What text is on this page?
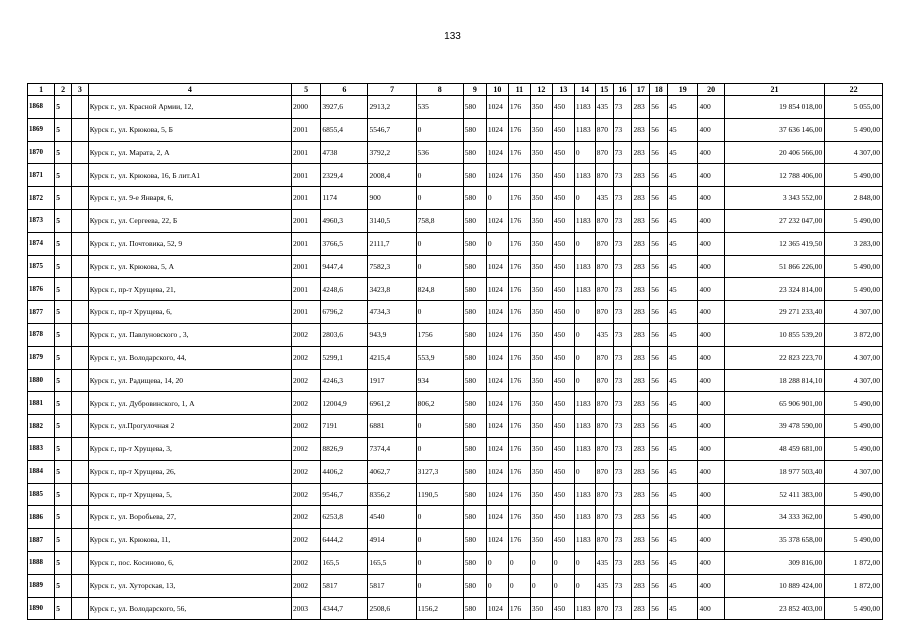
133
1	2	3	4	5	6	7	8	9	10	11	12	13	14	15	16	17	18	19	20	21	22
1868	5		Курск г., ул. Красной Армии, 12,	2000	3927,6	2913,2	535	580	1024	176	350	450	1183	435	73	283	56	45	400	19 854 018,00	5 055,00
1869	5		Курск г., ул. Крюкова, 5, Б	2001	6855,4	5546,7	0	580	1024	176	350	450	1183	870	73	283	56	45	400	37 636 146,00	5 490,00
1870	5		Курск г., ул. Марата, 2, А	2001	4738	3792,2	536	580	1024	176	350	450	0	870	73	283	56	45	400	20 406 566,00	4 307,00
1871	5		Курск г., ул. Крюкова, 16, Б лит.А1	2001	2329,4	2008,4	0	580	1024	176	350	450	1183	870	73	283	56	45	400	12 788 406,00	5 490,00
1872	5		Курск г., ул. 9-е Января, 6,	2001	1174	900	0	580	0	176	350	450	0	435	73	283	56	45	400	3 343 552,00	2 848,00
1873	5		Курск г., ул. Сергеева, 22, Б	2001	4960,3	3140,5	758,8	580	1024	176	350	450	1183	870	73	283	56	45	400	27 232 047,00	5 490,00
1874	5		Курск г., ул. Почтовика, 52, 9	2001	3766,5	2111,7	0	580	0	176	350	450	0	870	73	283	56	45	400	12 365 419,50	3 283,00
1875	5		Курск г., ул. Крюкова, 5, А	2001	9447,4	7582,3	0	580	1024	176	350	450	1183	870	73	283	56	45	400	51 866 226,00	5 490,00
1876	5		Курск г., пр-т Хрущева, 21,	2001	4248,6	3423,8	824,8	580	1024	176	350	450	1183	870	73	283	56	45	400	23 324 814,00	5 490,00
1877	5		Курск г., пр-т Хрущева, 6,	2001	6796,2	4734,3	0	580	1024	176	350	450	0	870	73	283	56	45	400	29 271 233,40	4 307,00
1878	5		Курск г., ул. Павлуновского , 3,	2002	2803,6	943,9	1756	580	1024	176	350	450	0	435	73	283	56	45	400	10 855 539,20	3 872,00
1879	5		Курск г., ул. Володарского, 44,	2002	5299,1	4215,4	553,9	580	1024	176	350	450	0	870	73	283	56	45	400	22 823 223,70	4 307,00
1880	5		Курск г., ул. Радищева, 14, 20	2002	4246,3	1917	934	580	1024	176	350	450	0	870	73	283	56	45	400	18 288 814,10	4 307,00
1881	5		Курск г., ул. Дубровинского, 1, А	2002	12004,9	6961,2	806,2	580	1024	176	350	450	1183	870	73	283	56	45	400	65 906 901,00	5 490,00
1882	5		Курск г., ул.Прогулочная 2	2002	7191	6881	0	580	1024	176	350	450	1183	870	73	283	56	45	400	39 478 590,00	5 490,00
1883	5		Курск г., пр-т Хрущева, 3,	2002	8826,9	7374,4	0	580	1024	176	350	450	1183	870	73	283	56	45	400	48 459 681,00	5 490,00
1884	5		Курск г., пр-т Хрущева, 26,	2002	4406,2	4062,7	3127,3	580	1024	176	350	450	0	870	73	283	56	45	400	18 977 503,40	4 307,00
1885	5		Курск г., пр-т Хрущева, 5,	2002	9546,7	8356,2	1190,5	580	1024	176	350	450	1183	870	73	283	56	45	400	52 411 383,00	5 490,00
1886	5		Курск г., ул. Воробьева, 27,	2002	6253,8	4540	0	580	1024	176	350	450	1183	870	73	283	56	45	400	34 333 362,00	5 490,00
1887	5		Курск г., ул. Крюкова, 11,	2002	6444,2	4914	0	580	1024	176	350	450	1183	870	73	283	56	45	400	35 378 658,00	5 490,00
1888	5		Курск г., пос. Косиново, 6,	2002	165,5	165,5	0	580	0	0	0	0	0	435	73	283	56	45	400	309 816,00	1 872,00
1889	5		Курск г., ул. Хуторская, 13,	2002	5817	5817	0	580	0	0	0	0	0	435	73	283	56	45	400	10 889 424,00	1 872,00
1890	5		Курск г., ул. Володарского, 56,	2003	4344,7	2508,6	1156,2	580	1024	176	350	450	1183	870	73	283	56	45	400	23 852 403,00	5 490,00
